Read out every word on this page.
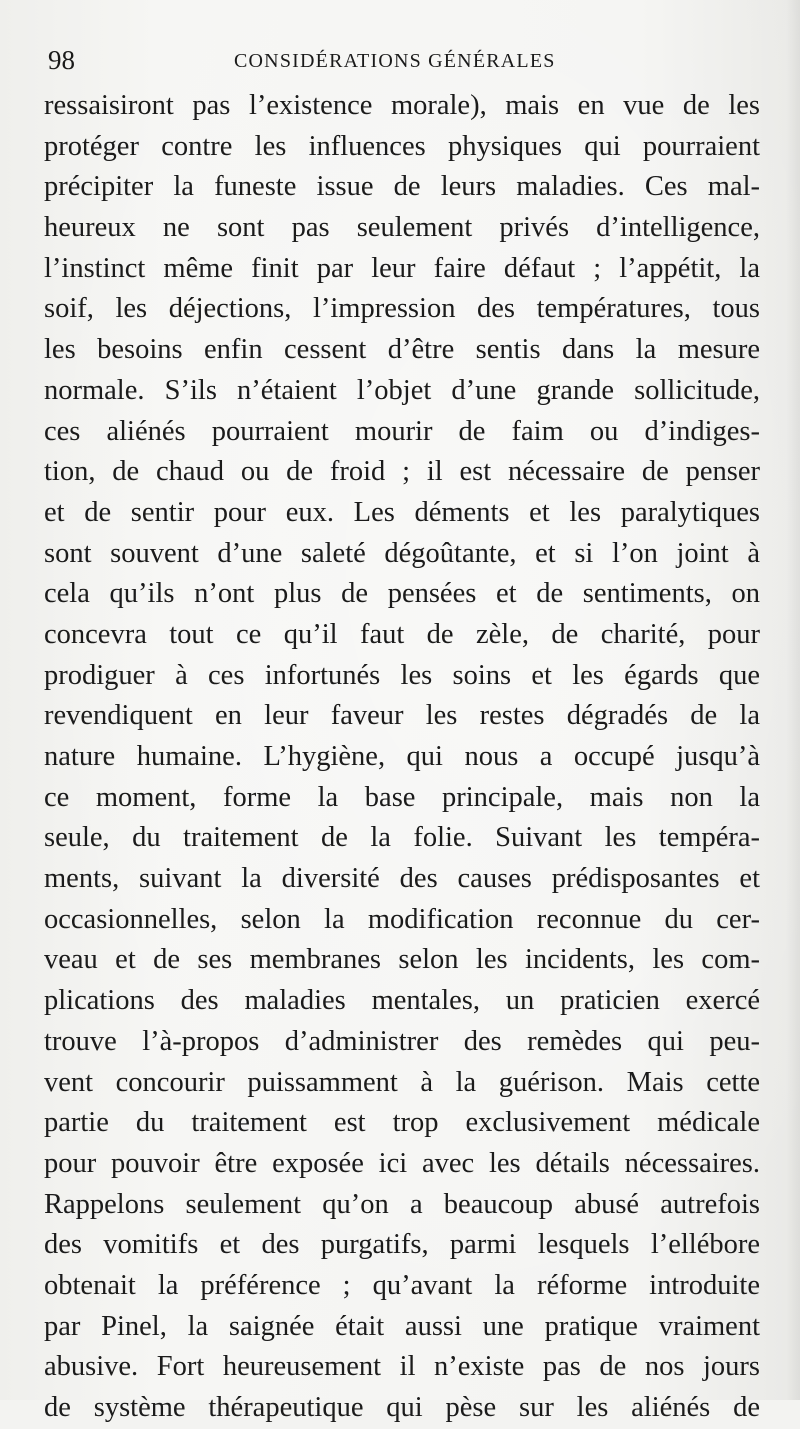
98	CONSIDÉRATIONS GÉNÉRALES
ressaisiront pas l’existence morale), mais en vue de les
protéger contre les influences physiques qui pourraient
précipiter la funeste issue de leurs maladies. Ces mal-
heureux ne sont pas seulement privés d’intelligence,
l’instinct même finit par leur faire défaut ; l’appétit, la
soif, les déjections, l’impression des températures, tous
les besoins enfin cessent d’être sentis dans la mesure
normale. S’ils n’étaient l’objet d’une grande sollicitude,
ces aliénés pourraient mourir de faim ou d’indiges-
tion, de chaud ou de froid ; il est nécessaire de penser
et de sentir pour eux. Les déments et les paralytiques
sont souvent d’une saleté dégoûtante, et si l’on joint à
cela qu’ils n’ont plus de pensées et de sentiments, on
concevra tout ce qu’il faut de zèle, de charité, pour
prodiguer à ces infortunés les soins et les égards que
revendiquent en leur faveur les restes dégradés de la
nature humaine. L’hygiène, qui nous a occupé jusqu’à
ce moment, forme la base principale, mais non la
seule, du traitement de la folie. Suivant les tempéra-
ments, suivant la diversité des causes prédisposantes et
occasionnelles, selon la modification reconnue du cer-
veau et de ses membranes selon les incidents, les com-
plications des maladies mentales, un praticien exercé
trouve l’à-propos d’administrer des remèdes qui peu-
vent concourir puissamment à la guérison. Mais cette
partie du traitement est trop exclusivement médicale
pour pouvoir être exposée ici avec les détails nécessaires.
Rappelons seulement qu’on a beaucoup abusé autrefois
des vomitifs et des purgatifs, parmi lesquels l’ellébore
obtenait la préférence ; qu’avant la réforme introduite
par Pinel, la saignée était aussi une pratique vraiment
abusive. Fort heureusement il n’existe pas de nos jours
de système thérapeutique qui pèse sur les aliénés de
